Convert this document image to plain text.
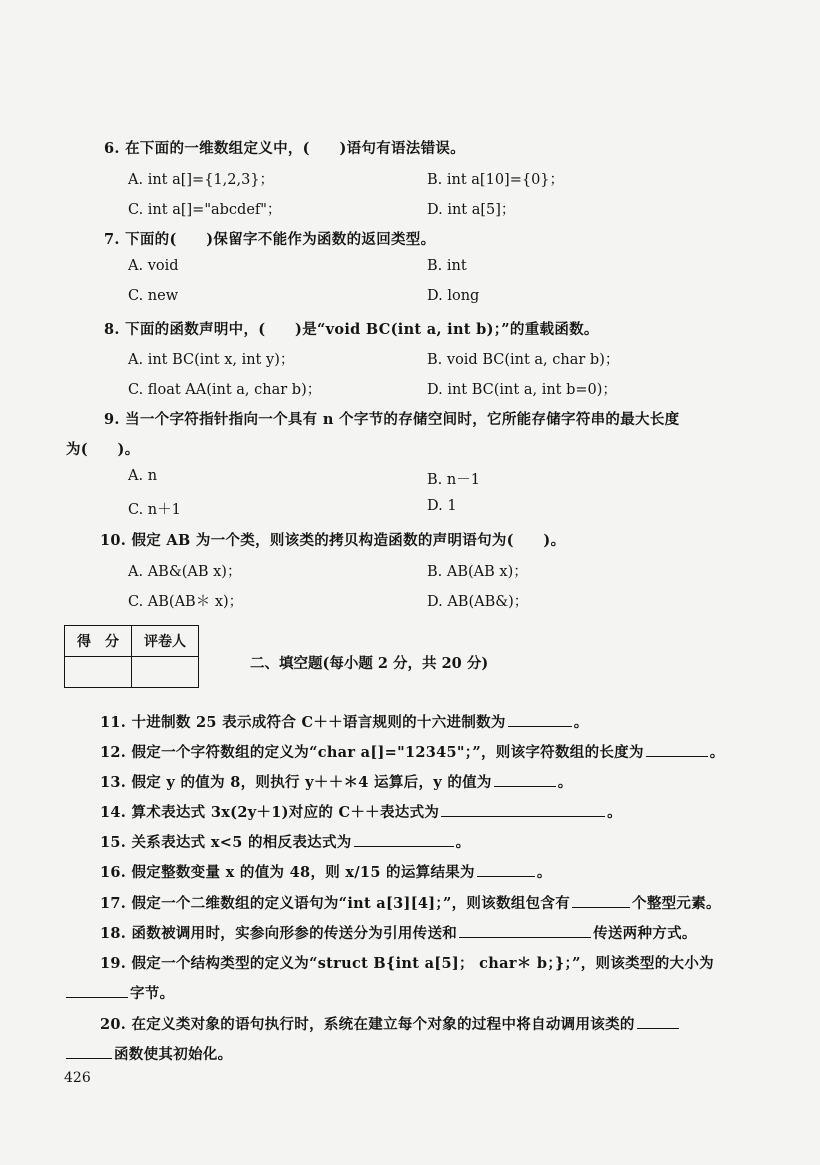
6. 在下面的一维数组定义中，(　　)语句有语法错误。
A. int a[]={1,2,3}；	B. int a[10]={0}；
C. int a[]="abcdef"；	D. int a[5]；
7. 下面的(　　)保留字不能作为函数的返回类型。
A. void	B. int
C. new	D. long
8. 下面的函数声明中，(　　)是“void BC(int a, int b)；”的重载函数。
A. int BC(int x, int y)；	B. void BC(int a, char b)；
C. float AA(int a, char b)；	D. int BC(int a, int b=0)；
9. 当一个字符指针指向一个具有 n 个字节的存储空间时，它所能存储字符串的最大长度
为(　　)。
A. n	B. n－1
C. n＋1	D. 1
10. 假定 AB 为一个类，则该类的拷贝构造函数的声明语句为(　　)。
A. AB&(AB x)；	B. AB(AB x)；
C. AB(AB＊ x)；	D. AB(AB&)；
得　分	评卷人

二、填空题(每小题 2 分，共 20 分)
11. 十进制数 25 表示成符合 C＋＋语言规则的十六进制数为	。
12. 假定一个字符数组的定义为“char a[]="12345"；”，则该字符数组的长度为	。
13. 假定 y 的值为 8，则执行 y＋＋＊4 运算后，y 的值为	。
14. 算术表达式 3x(2y＋1)对应的 C＋＋表达式为	。
15. 关系表达式 x<5 的相反表达式为	。
16. 假定整数变量 x 的值为 48，则 x/15 的运算结果为	。
17. 假定一个二维数组的定义语句为“int a[3][4]；”，则该数组包含有	个整型元素。
18. 函数被调用时，实参向形参的传送分为引用传送和	传送两种方式。
19. 假定一个结构类型的定义为“struct B{int a[5]； char＊ b；}；”，则该类型的大小为
字节。
20. 在定义类对象的语句执行时，系统在建立每个对象的过程中将自动调用该类的
函数使其初始化。
426
